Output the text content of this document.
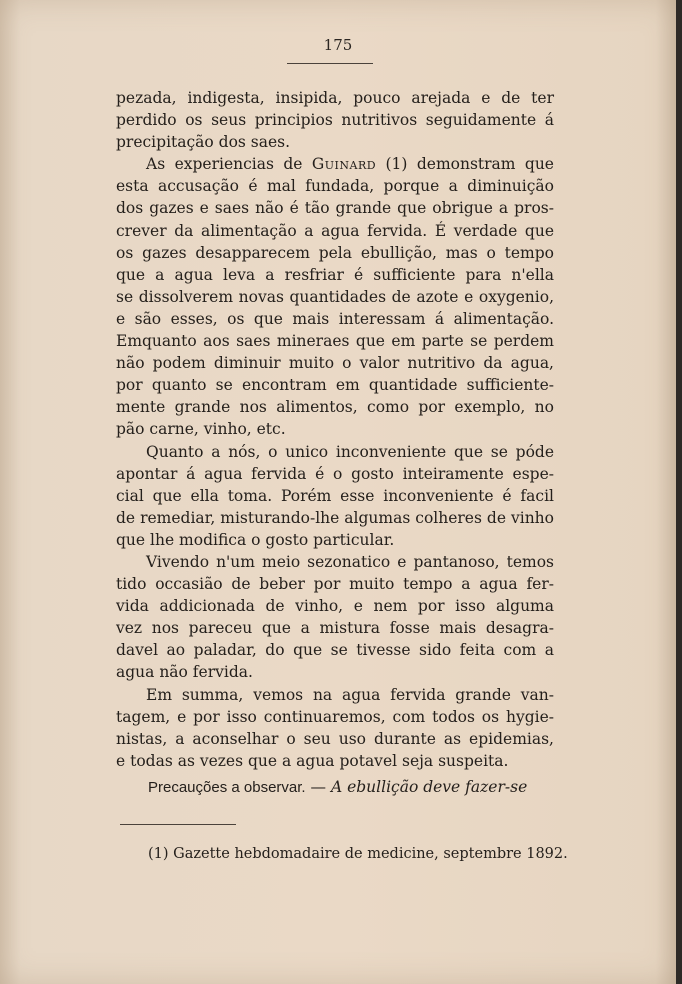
175
pezada, indigesta, insipida, pouco arejada e de ter
perdido os seus principios nutritivos seguidamente á
precipitação dos saes.
As experiencias de Guinard (1) demonstram que
esta accusação é mal fundada, porque a diminuição
dos gazes e saes não é tão grande que obrigue a pros-
crever da alimentação a agua fervida. É verdade que
os gazes desapparecem pela ebullição, mas o tempo
que a agua leva a resfriar é sufficiente para n'ella
se dissolverem novas quantidades de azote e oxygenio,
e são esses, os que mais interessam á alimentação.
Emquanto aos saes mineraes que em parte se perdem
não podem diminuir muito o valor nutritivo da agua,
por quanto se encontram em quantidade sufficiente-
mente grande nos alimentos, como por exemplo, no
pão carne, vinho, etc.
Quanto a nós, o unico inconveniente que se póde
apontar á agua fervida é o gosto inteiramente espe-
cial que ella toma. Porém esse inconveniente é facil
de remediar, misturando-lhe algumas colheres de vinho
que lhe modifica o gosto particular.
Vivendo n'um meio sezonatico e pantanoso, temos
tido occasião de beber por muito tempo a agua fer-
vida addicionada de vinho, e nem por isso alguma
vez nos pareceu que a mistura fosse mais desagra-
davel ao paladar, do que se tivesse sido feita com a
agua não fervida.
Em summa, vemos na agua fervida grande van-
tagem, e por isso continuaremos, com todos os hygie-
nistas, a aconselhar o seu uso durante as epidemias,
e todas as vezes que a agua potavel seja suspeita.
Precauções a observar. — A ebullição deve fazer-se
(1) Gazette hebdomadaire de medicine, septembre 1892.
